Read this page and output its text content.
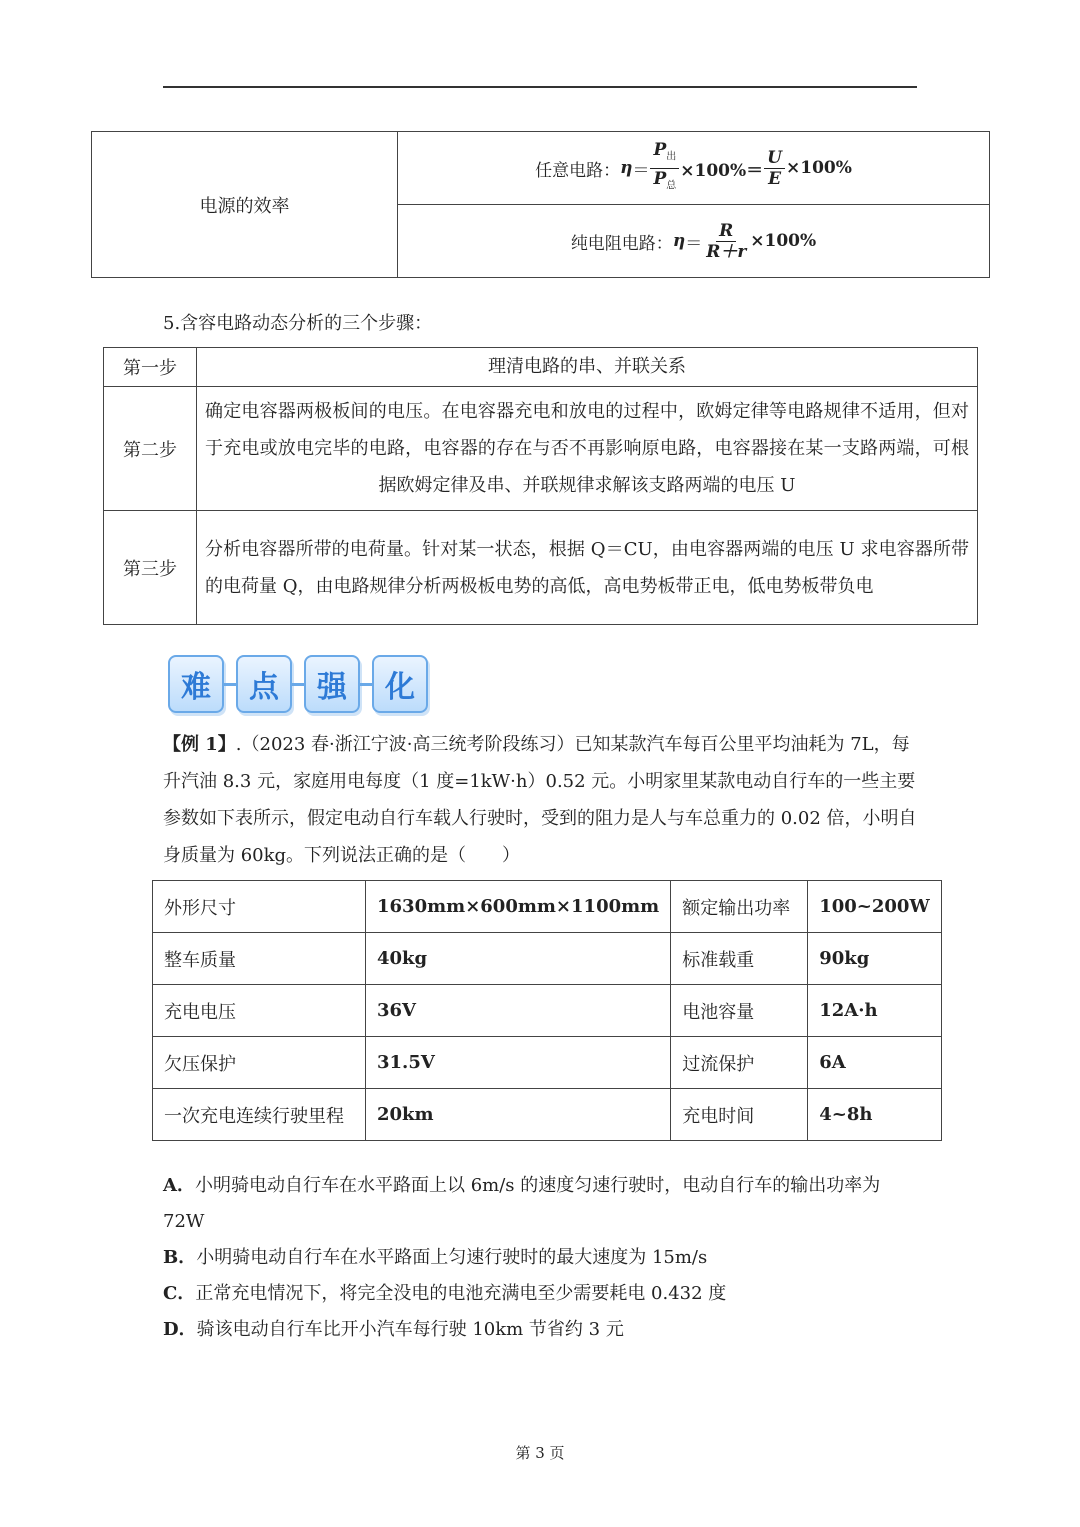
电源的效率	
任意电路： $\eta = \frac{P_出}{P_总} \times 100\%= \frac{U}{E} \times 100\%$

纯电阻电路： $\eta = \frac{R}{R+r} \times 100\%$
5.含容电路动态分析的三个步骤：
第一步	理清电路的串、并联关系
第二步	确定电容器两极板间的电压。在电容器充电和放电的过程中，欧姆定律等电路规律不适用，但对于充电或放电完毕的电路，电容器的存在与否不再影响原电路，电容器接在某一支路两端，可根据欧姆定律及串、并联规律求解该支路两端的电压 U
第三步	分析电容器所带的电荷量。针对某一状态，根据 Q＝CU，由电容器两端的电压 U 求电容器所带的电荷量 Q，由电路规律分析两极板电势的高低，高电势板带正电，低电势板带负电
难	点	强	化
【例 1】.（2023 春·浙江宁波·高三统考阶段练习）已知某款汽车每百公里平均油耗为 7L，每升汽油 8.3 元，家庭用电每度（1 度=1kW·h）0.52 元。小明家里某款电动自行车的一些主要参数如下表所示，假定电动自行车载人行驶时，受到的阻力是人与车总重力的 0.02 倍，小明自身质量为 60kg。下列说法正确的是（　　）
外形尺寸	1630mm×600mm×1100mm	额定输出功率	100~200W
整车质量	40kg	标准载重	90kg
充电电压	36V	电池容量	12A·h
欠压保护	31.5V	过流保护	6A
一次充电连续行驶里程	20km	充电时间	4~8h
A．小明骑电动自行车在水平路面上以 6m/s 的速度匀速行驶时，电动自行车的输出功率为 72W
B．小明骑电动自行车在水平路面上匀速行驶时的最大速度为 15m/s
C．正常充电情况下，将完全没电的电池充满电至少需要耗电 0.432 度
D．骑该电动自行车比开小汽车每行驶 10km 节省约 3 元
第 3 页
